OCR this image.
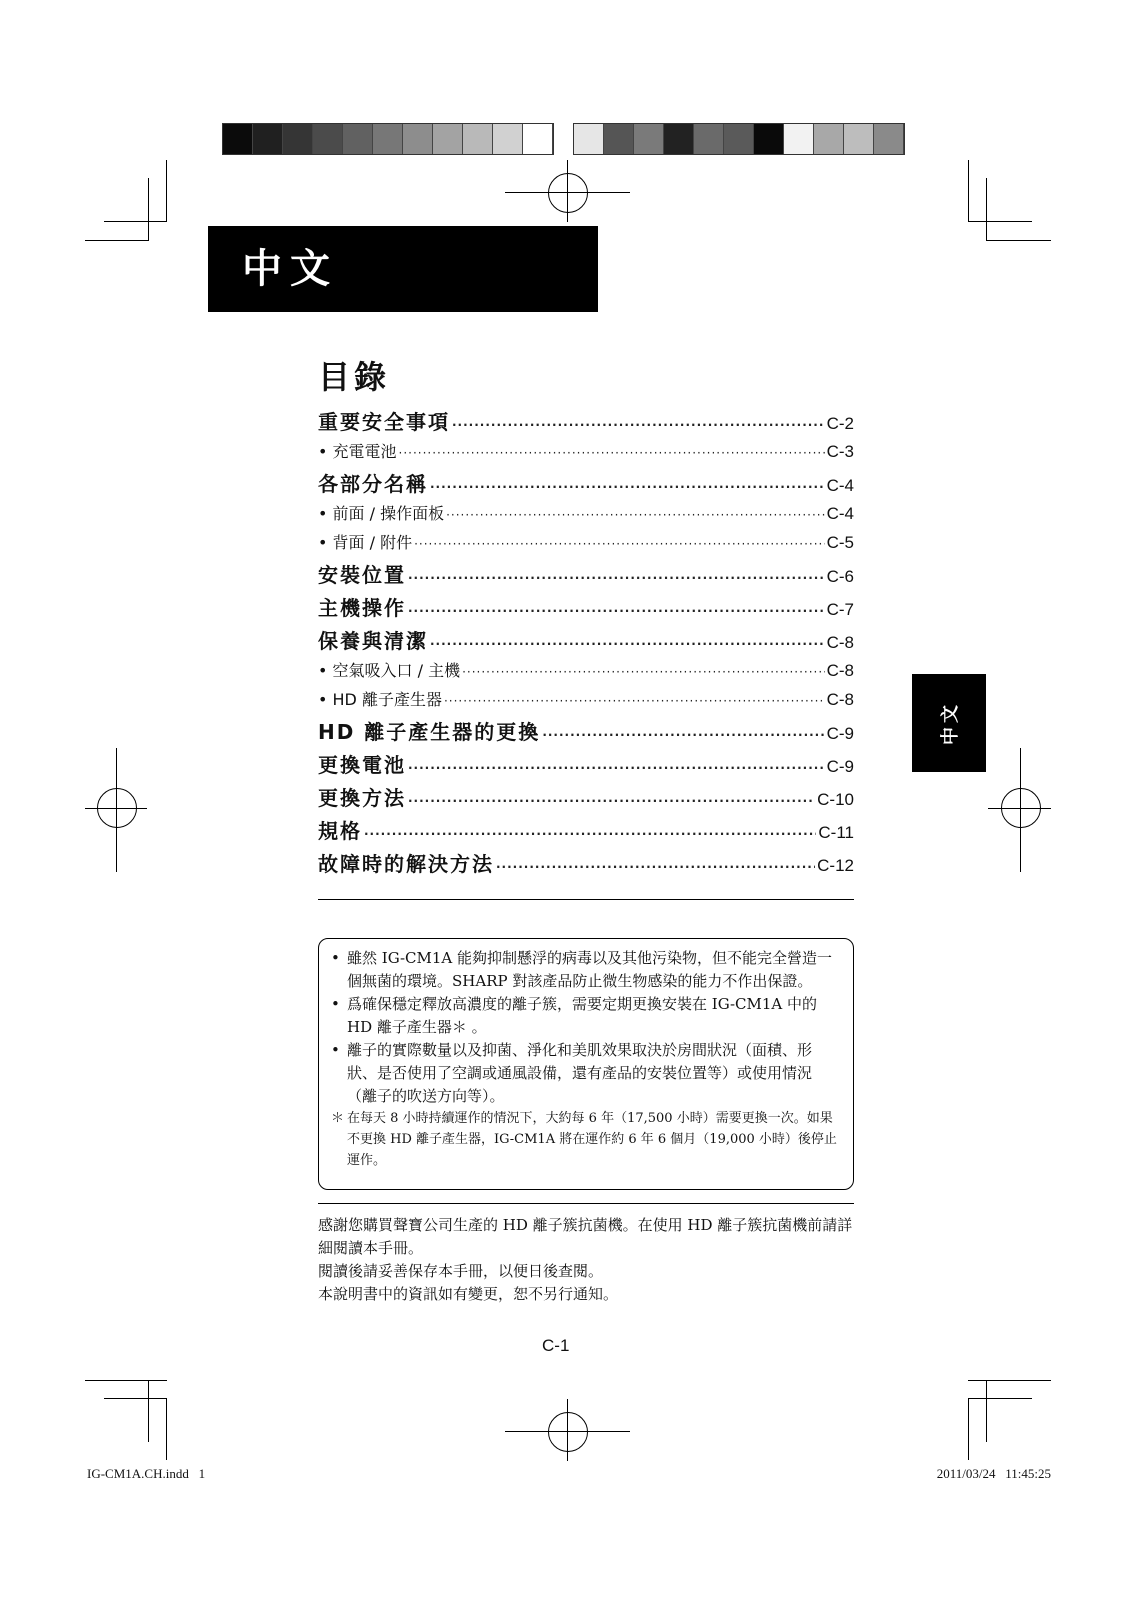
中文
中文
目錄
重要安全事項 ·····	C-2
• 充電電池 ·····	C-3
各部分名稱 ·····	C-4
• 前面 / 操作面板 ·····	C-4
• 背面 / 附件 ·····	C-5
安裝位置 ·····	C-6
主機操作 ·····	C-7
保養與清潔 ·····	C-8
• 空氣吸入口 / 主機 ·····	C-8
• HD 離子產生器 ·····	C-8
HD 離子產生器的更換 ·····	C-9
更換電池 ·····	C-9
更換方法 ·····	C-10
規格 ·····	C-11
故障時的解決方法 ·····	C-12
• 雖然 IG-CM1A 能夠抑制懸浮的病毒以及其他污染物，但不能完全營造一個無菌的環境。SHARP 對該產品防止微生物感染的能力不作出保證。
• 爲確保穩定釋放高濃度的離子簇，需要定期更換安裝在 IG-CM1A 中的 HD 離子產生器＊ 。
• 離子的實際數量以及抑菌、淨化和美肌效果取決於房間狀況（面積、形狀、是否使用了空調或通風設備，還有產品的安裝位置等）或使用情況（離子的吹送方向等）。
＊ 在每天 8 小時持續運作的情況下，大約每 6 年（17,500 小時）需要更換一次。如果不更換 HD 離子產生器，IG-CM1A 將在運作約 6 年 6 個月（19,000 小時）後停止運作。
感謝您購買聲寶公司生產的 HD 離子簇抗菌機。在使用 HD 離子簇抗菌機前請詳細閱讀本手冊。
閱讀後請妥善保存本手冊，以便日後查閱。
本說明書中的資訊如有變更，恕不另行通知。
C-1
IG-CM1A.CH.indd   1	2011/03/24   11:45:25
